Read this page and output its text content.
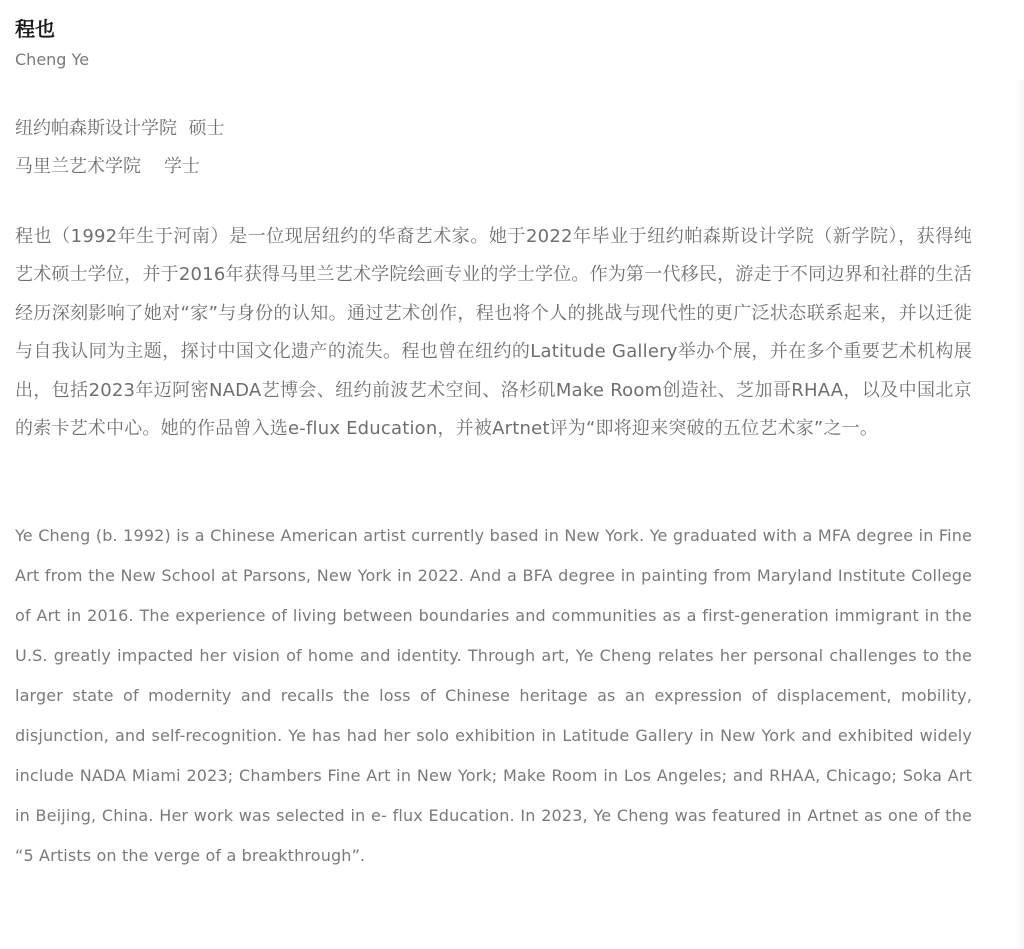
程也
Cheng Ye
纽约帕森斯设计学院  硕士
马里兰艺术学院    学士

程也（1992年生于河南）是一位现居纽约的华裔艺术家。她于2022年毕业于纽约帕森斯设计学院（新学院），获得纯艺术硕士学位，并于2016年获得马里兰艺术学院绘画专业的学士学位。作为第一代移民，游走于不同边界和社群的生活经历深刻影响了她对“家”与身份的认知。通过艺术创作，程也将个人的挑战与现代性的更广泛状态联系起来，并以迁徙与自我认同为主题，探讨中国文化遗产的流失。程也曾在纽约的Latitude Gallery举办个展，并在多个重要艺术机构展出，包括2023年迈阿密NADA艺博会、纽约前波艺术空间、洛杉矶Make Room创造社、芝加哥RHAA，以及中国北京的索卡艺术中心。她的作品曾入选e-flux Education，并被Artnet评为“即将迎来突破的五位艺术家”之一。

Ye Cheng (b. 1992) is a Chinese American artist currently based in New York. Ye graduated with a MFA degree in Fine Art from the New School at Parsons, New York in 2022. And a BFA degree in painting from Maryland Institute College of Art in 2016. The experience of living between boundaries and communities as a first-generation immigrant in the U.S. greatly impacted her vision of home and identity. Through art, Ye Cheng relates her personal challenges to the larger state of modernity and recalls the loss of Chinese heritage as an expression of displacement, mobility, disjunction, and self-recognition. Ye has had her solo exhibition in Latitude Gallery in New York and exhibited widely include NADA Miami 2023; Chambers Fine Art in New York; Make Room in Los Angeles; and RHAA, Chicago; Soka Art in Beijing, China. Her work was selected in e- flux Education. In 2023, Ye Cheng was featured in Artnet as one of the “5 Artists on the verge of a breakthrough”.
